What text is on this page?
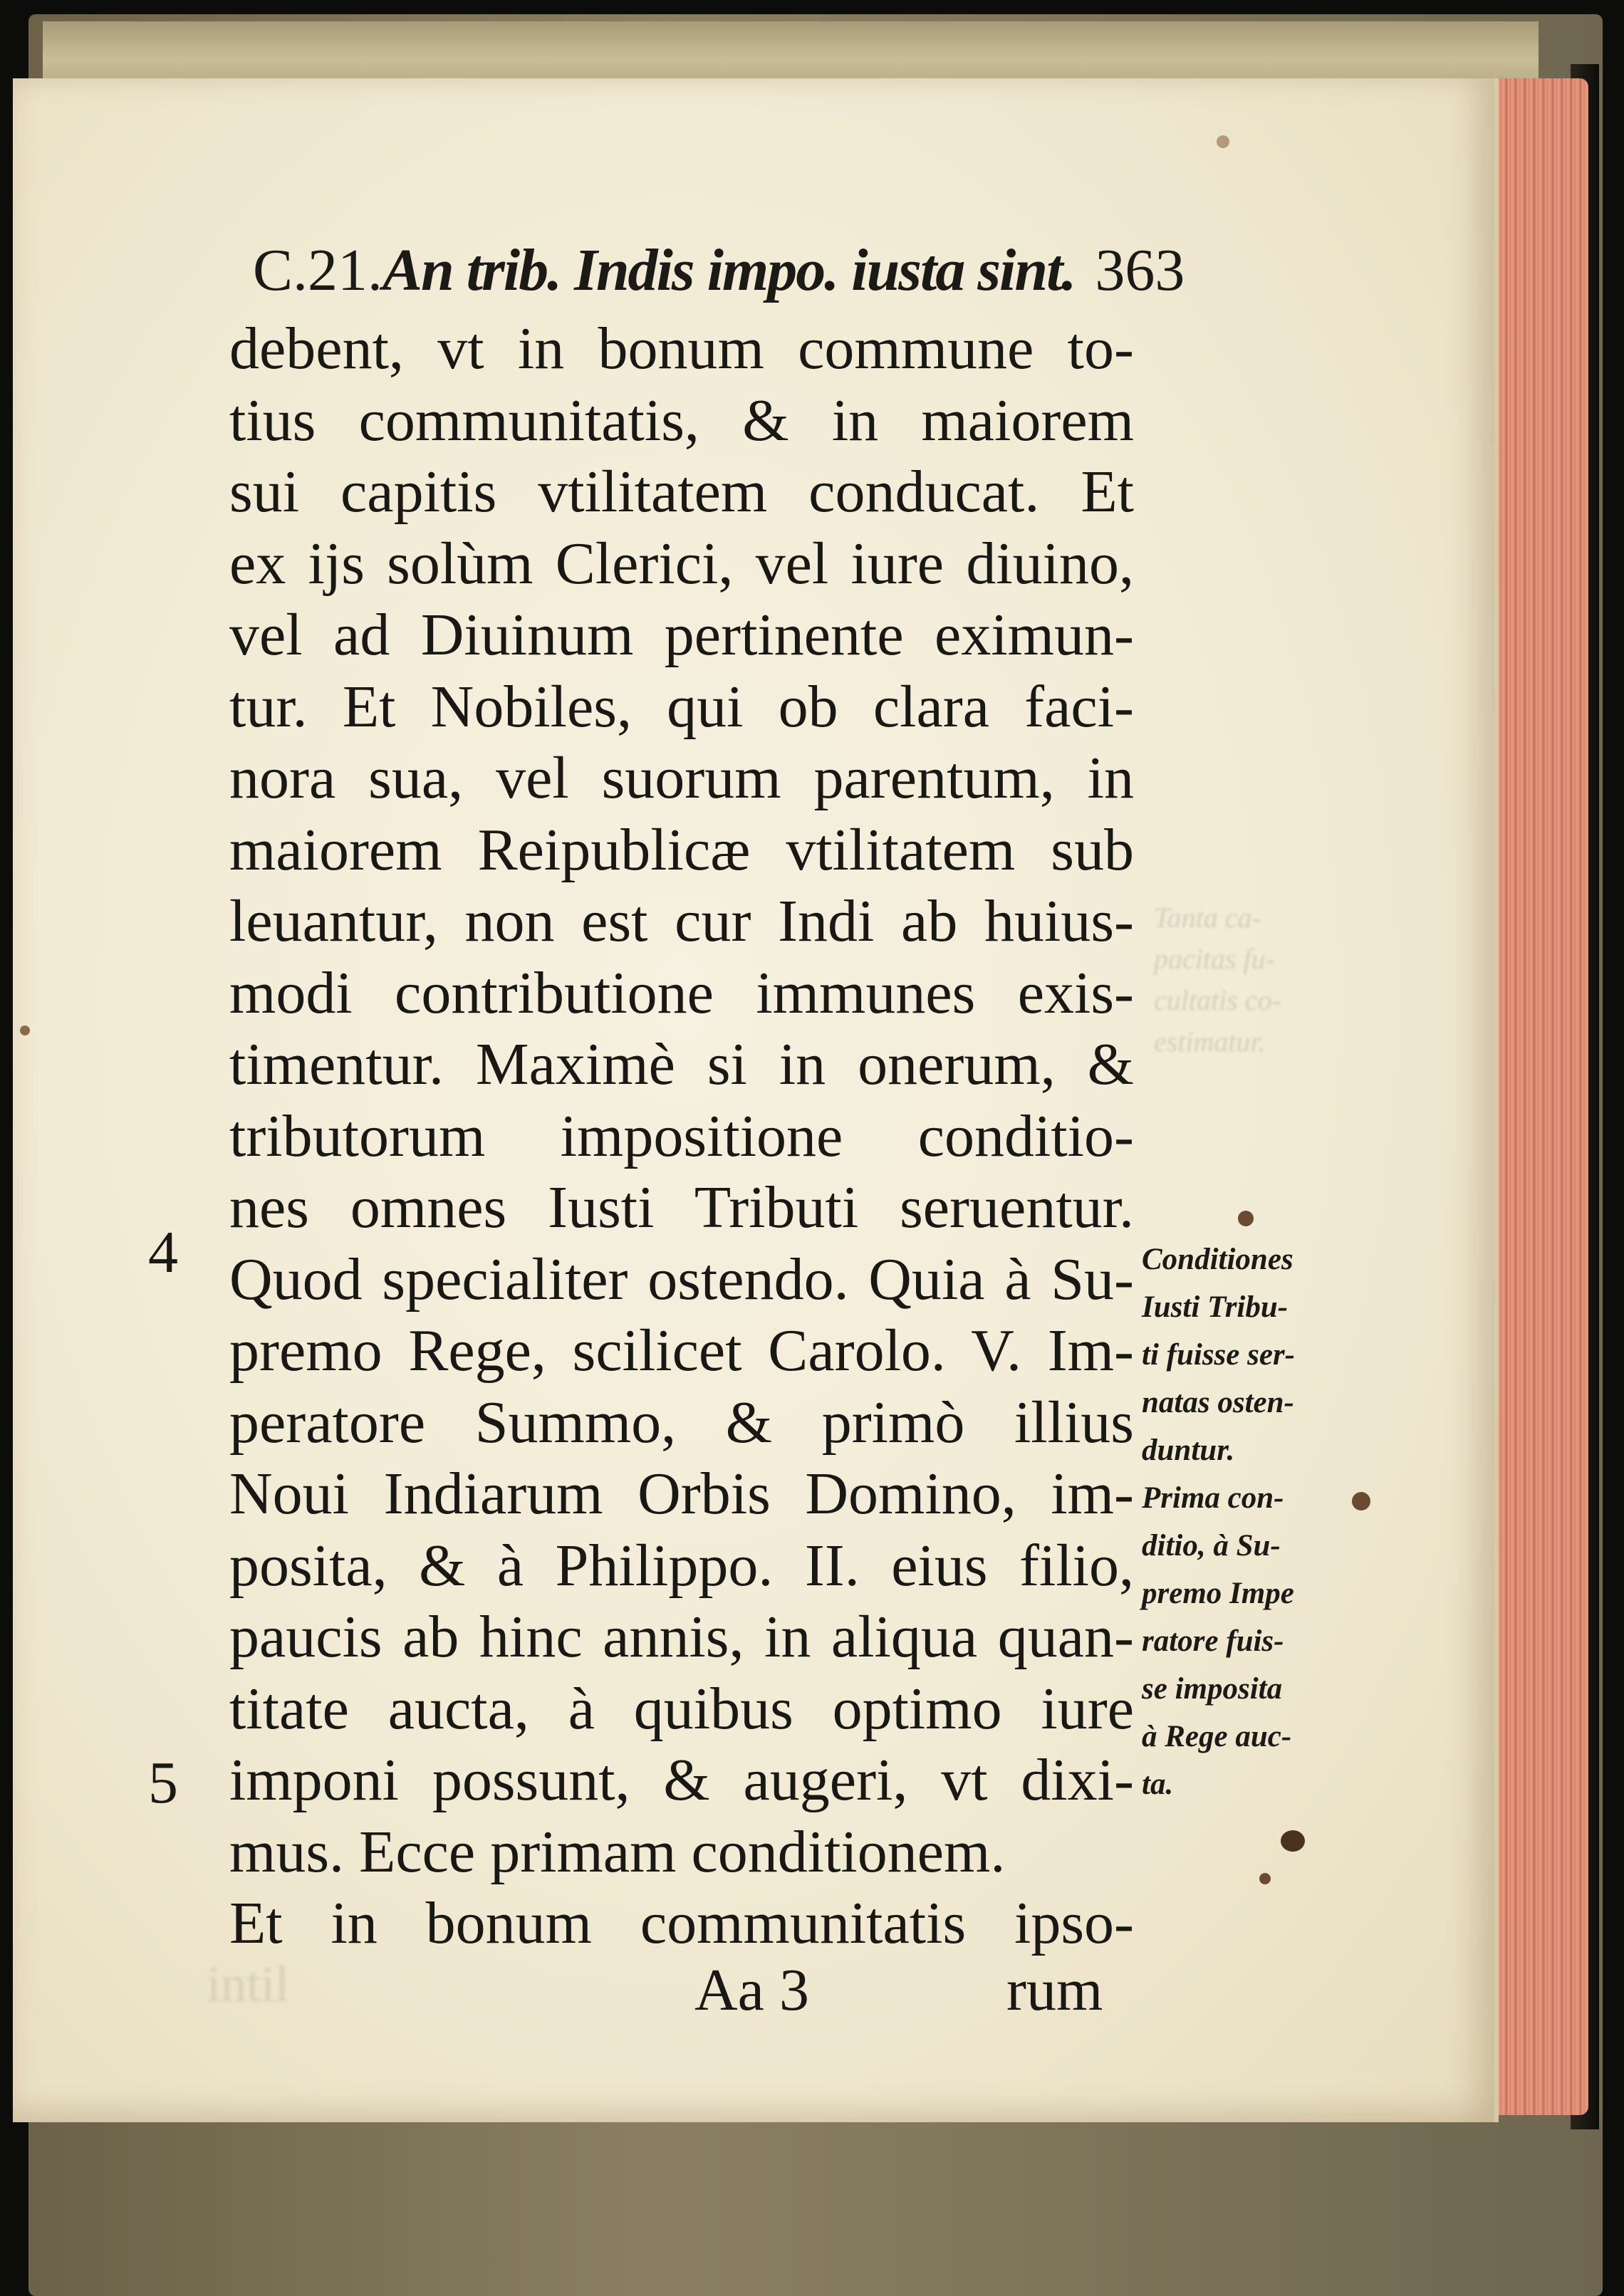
Tanta ca-
pacitas fu-
cultatis co-
estimatur.
intil
C.21.An trib. Indis impo. iusta sint. 363
debent, vt in bonum commune to-
tius communitatis, & in maiorem
sui capitis vtilitatem conducat. Et
ex ijs solùm Clerici, vel iure diuino,
vel ad Diuinum pertinente eximun-
tur. Et Nobiles, qui ob clara faci-
nora sua, vel suorum parentum, in
maiorem Reipublicæ vtilitatem sub
leuantur, non est cur Indi ab huius-
modi contributione immunes exis-
timentur. Maximè si in onerum, &
tributorum impositione conditio-
nes omnes Iusti Tributi seruentur.
Quod specialiter ostendo. Quia à Su-
premo Rege, scilicet Carolo. V. Im-
peratore Summo, & primò illius
Noui Indiarum Orbis Domino, im-
posita, & à Philippo. II. eius filio,
paucis ab hinc annis, in aliqua quan-
titate aucta, à quibus optimo iure
imponi possunt, & augeri, vt dixi-
mus. Ecce primam conditionem.
Et in bonum communitatis ipso-
4
5
Conditiones
Iusti Tribu-
ti fuisse ser-
natas osten-
duntur.
Prima con-
ditio, à Su-
premo Impe
ratore fuis-
se imposita
à Rege auc-
ta.
Aa 3	rum
